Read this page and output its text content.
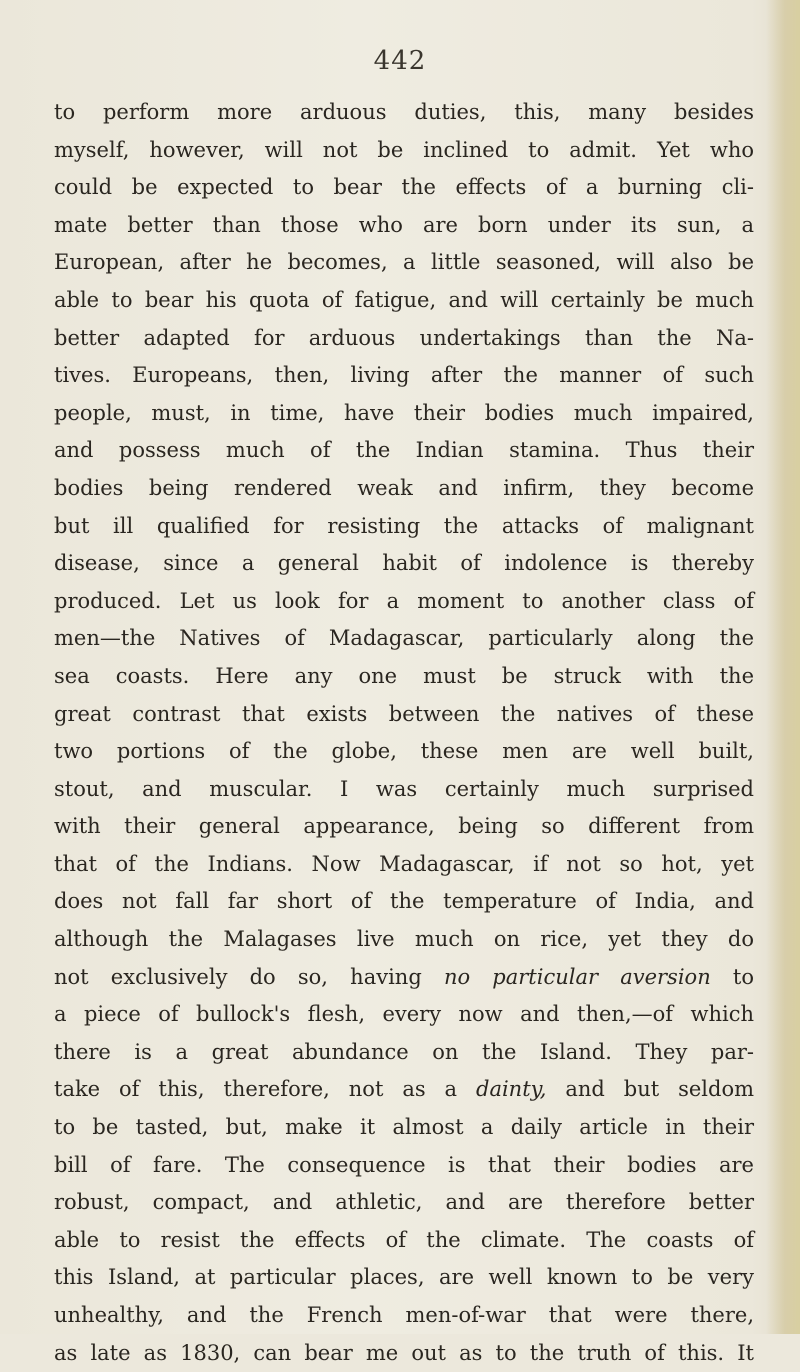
442
to perform more arduous duties, this, many besides
myself, however, will not be inclined to admit. Yet who
could be expected to bear the effects of a burning cli-
mate better than those who are born under its sun, a
European, after he becomes, a little seasoned, will also be
able to bear his quota of fatigue, and will certainly be much
better adapted for arduous undertakings than the Na-
tives. Europeans, then, living after the manner of such
people, must, in time, have their bodies much impaired,
and possess much of the Indian stamina. Thus their
bodies being rendered weak and infirm, they become
but ill qualified for resisting the attacks of malignant
disease, since a general habit of indolence is thereby
produced. Let us look for a moment to another class of
men—the Natives of Madagascar, particularly along the
sea coasts. Here any one must be struck with the
great contrast that exists between the natives of these
two portions of the globe, these men are well built,
stout, and muscular. I was certainly much surprised
with their general appearance, being so different from
that of the Indians. Now Madagascar, if not so hot, yet
does not fall far short of the temperature of India, and
although the Malagases live much on rice, yet they do
not exclusively do so, having no particular aversion to
a piece of bullock's flesh, every now and then,—of which
there is a great abundance on the Island. They par-
take of this, therefore, not as a dainty, and but seldom
to be tasted, but, make it almost a daily article in their
bill of fare. The consequence is that their bodies are
robust, compact, and athletic, and are therefore better
able to resist the effects of the climate. The coasts of
this Island, at particular places, are well known to be very
unhealthy, and the French men-of-war that were there,
as late as 1830, can bear me out as to the truth of this. It
